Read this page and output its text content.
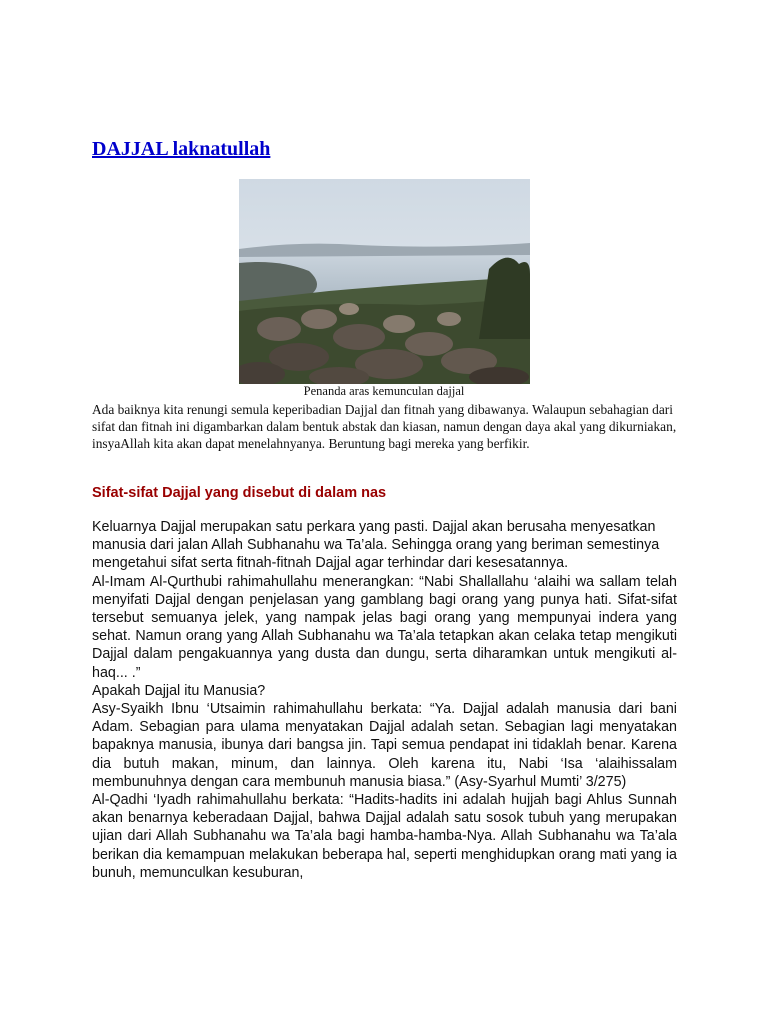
DAJJAL laknatullah
Penanda aras kemunculan dajjal

Ada baiknya kita renungi semula keperibadian Dajjal dan fitnah yang dibawanya. Walaupun sebahagian dari sifat dan fitnah ini digambarkan dalam bentuk abstak dan kiasan, namun dengan daya akal yang dikurniakan, insyaAllah kita akan dapat menelahnyanya. Beruntung bagi mereka yang berfikir.

Sifat-sifat Dajjal yang disebut di dalam nas

Keluarnya Dajjal merupakan satu perkara yang pasti. Dajjal akan berusaha menyesatkan manusia dari jalan Allah Subhanahu wa Ta’ala. Sehingga orang yang beriman semestinya mengetahui sifat serta fitnah-fitnah Dajjal agar terhindar dari kesesatannya.

Al-Imam Al-Qurthubi rahimahullahu menerangkan: “Nabi Shallallahu ‘alaihi wa sallam telah menyifati Dajjal dengan penjelasan yang gamblang bagi orang yang punya hati. Sifat-sifat tersebut semuanya jelek, yang nampak jelas bagi orang yang mempunyai indera yang sehat. Namun orang yang Allah Subhanahu wa Ta’ala tetapkan akan celaka tetap mengikuti Dajjal dalam pengakuannya yang dusta dan dungu, serta diharamkan untuk mengikuti al-haq... .”

Apakah Dajjal itu Manusia?

Asy-Syaikh Ibnu ‘Utsaimin rahimahullahu berkata: “Ya. Dajjal adalah manusia dari bani Adam. Sebagian para ulama menyatakan Dajjal adalah setan. Sebagian lagi menyatakan bapaknya manusia, ibunya dari bangsa jin. Tapi semua pendapat ini tidaklah benar. Karena dia butuh makan, minum, dan lainnya. Oleh karena itu, Nabi ‘Isa ‘alaihissalam membunuhnya dengan cara membunuh manusia biasa.” (Asy-Syarhul Mumti’ 3/275)

Al-Qadhi ‘Iyadh rahimahullahu berkata: “Hadits-hadits ini adalah hujjah bagi Ahlus Sunnah akan benarnya keberadaan Dajjal, bahwa Dajjal adalah satu sosok tubuh yang merupakan ujian dari Allah Subhanahu wa Ta’ala bagi hamba-hamba-Nya. Allah Subhanahu wa Ta’ala berikan dia kemampuan melakukan beberapa hal, seperti menghidupkan orang mati yang ia bunuh, memunculkan kesuburan,
